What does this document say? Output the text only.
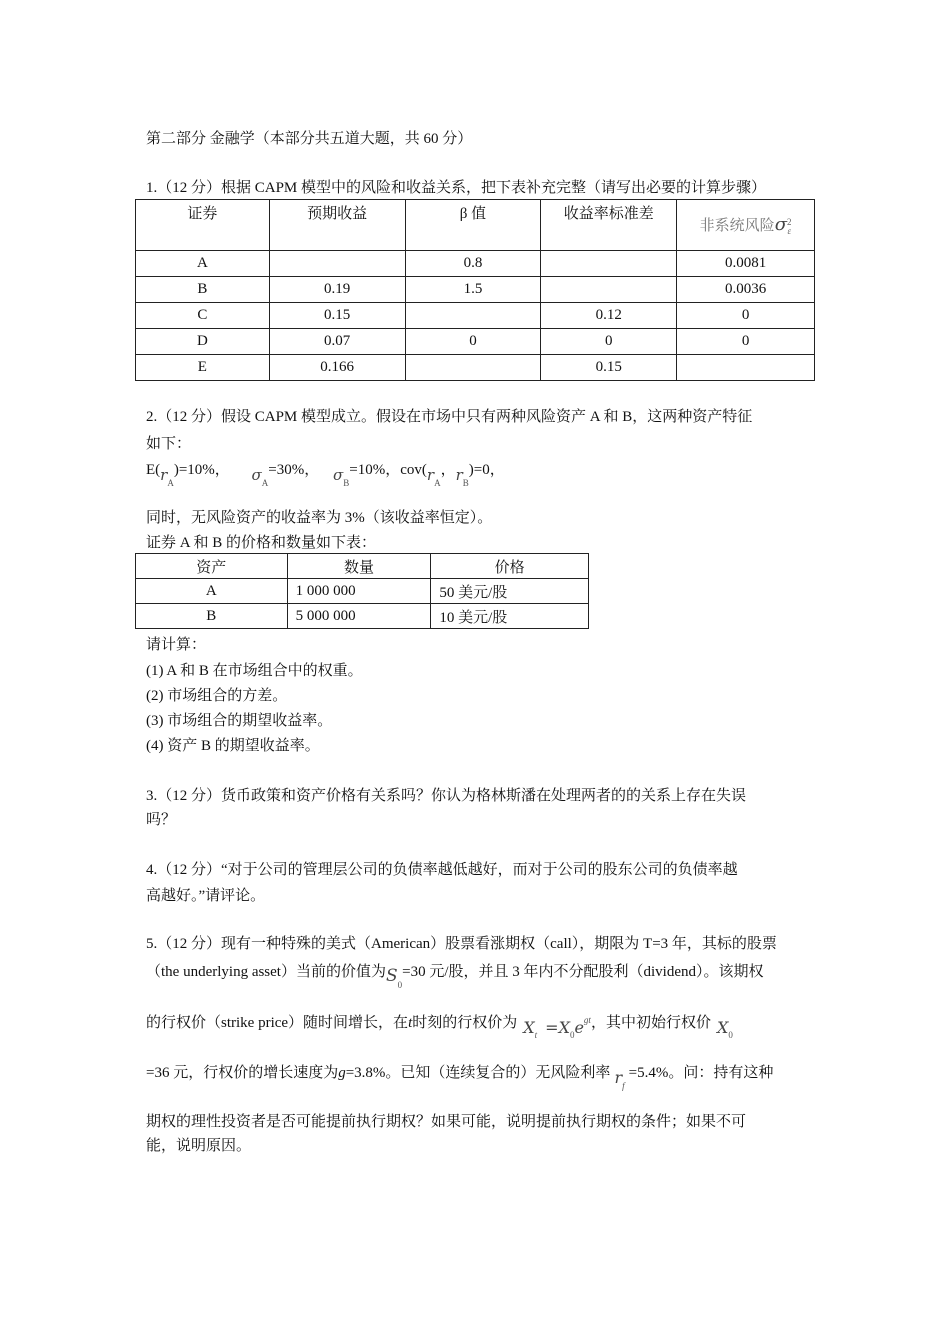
第二部分 金融学（本部分共五道大题，共 60 分）
1.（12 分）根据 CAPM 模型中的风险和收益关系，把下表补充完整（请写出必要的计算步骤）
证券	预期收益	β 值	收益率标准差	非系统风险σ 2
ε

A		0.8		0.0081
B	0.19	1.5		0.0036
C	0.15		0.12	0
D	0.07	0	0	0
E	0.166		0.15	
2.（12 分）假设 CAPM 模型成立。假设在市场中只有两种风险资产 A 和 B，这两种资产特征
如下：
$E(r_A)=10\%$， $\sigma_A=30\%$， $\sigma_B=10\%$，$cov(r_A$，$r_B)=0$，
同时，无风险资产的收益率为 3%（该收益率恒定）。
证券 A 和 B 的价格和数量如下表：
资产	数量	价格
A	1 000 000	50 美元/股
B	5 000 000	10 美元/股
请计算：
(1) A 和 B 在市场组合中的权重。
(2) 市场组合的方差。
(3) 市场组合的期望收益率。
(4) 资产 B 的期望收益率。
3.（12 分）货币政策和资产价格有关系吗？你认为格林斯潘在处理两者的的关系上存在失误
吗？
4.（12 分）“对于公司的管理层公司的负债率越低越好，而对于公司的股东公司的负债率越
高越好。”请评论。
5.（12 分）现有一种特殊的美式（American）股票看涨期权（call），期限为 T=3 年，其标的股票
（the underlying asset）当前的价值为$S_0=30$ 元/股，并且 3 年内不分配股利（dividend）。该期权
的行权价（strike price）随时间增长，在t时刻的行权价为 $X_t =X_0e^{gt}$，其中初始行权价 $X_0$
=36 元，行权价的增长速度为g=3.8%。已知（连续复合的）无风险利率 $r_f=5.4\%$。问：持有这种
期权的理性投资者是否可能提前执行期权？如果可能，说明提前执行期权的条件；如果不可
能，说明原因。
